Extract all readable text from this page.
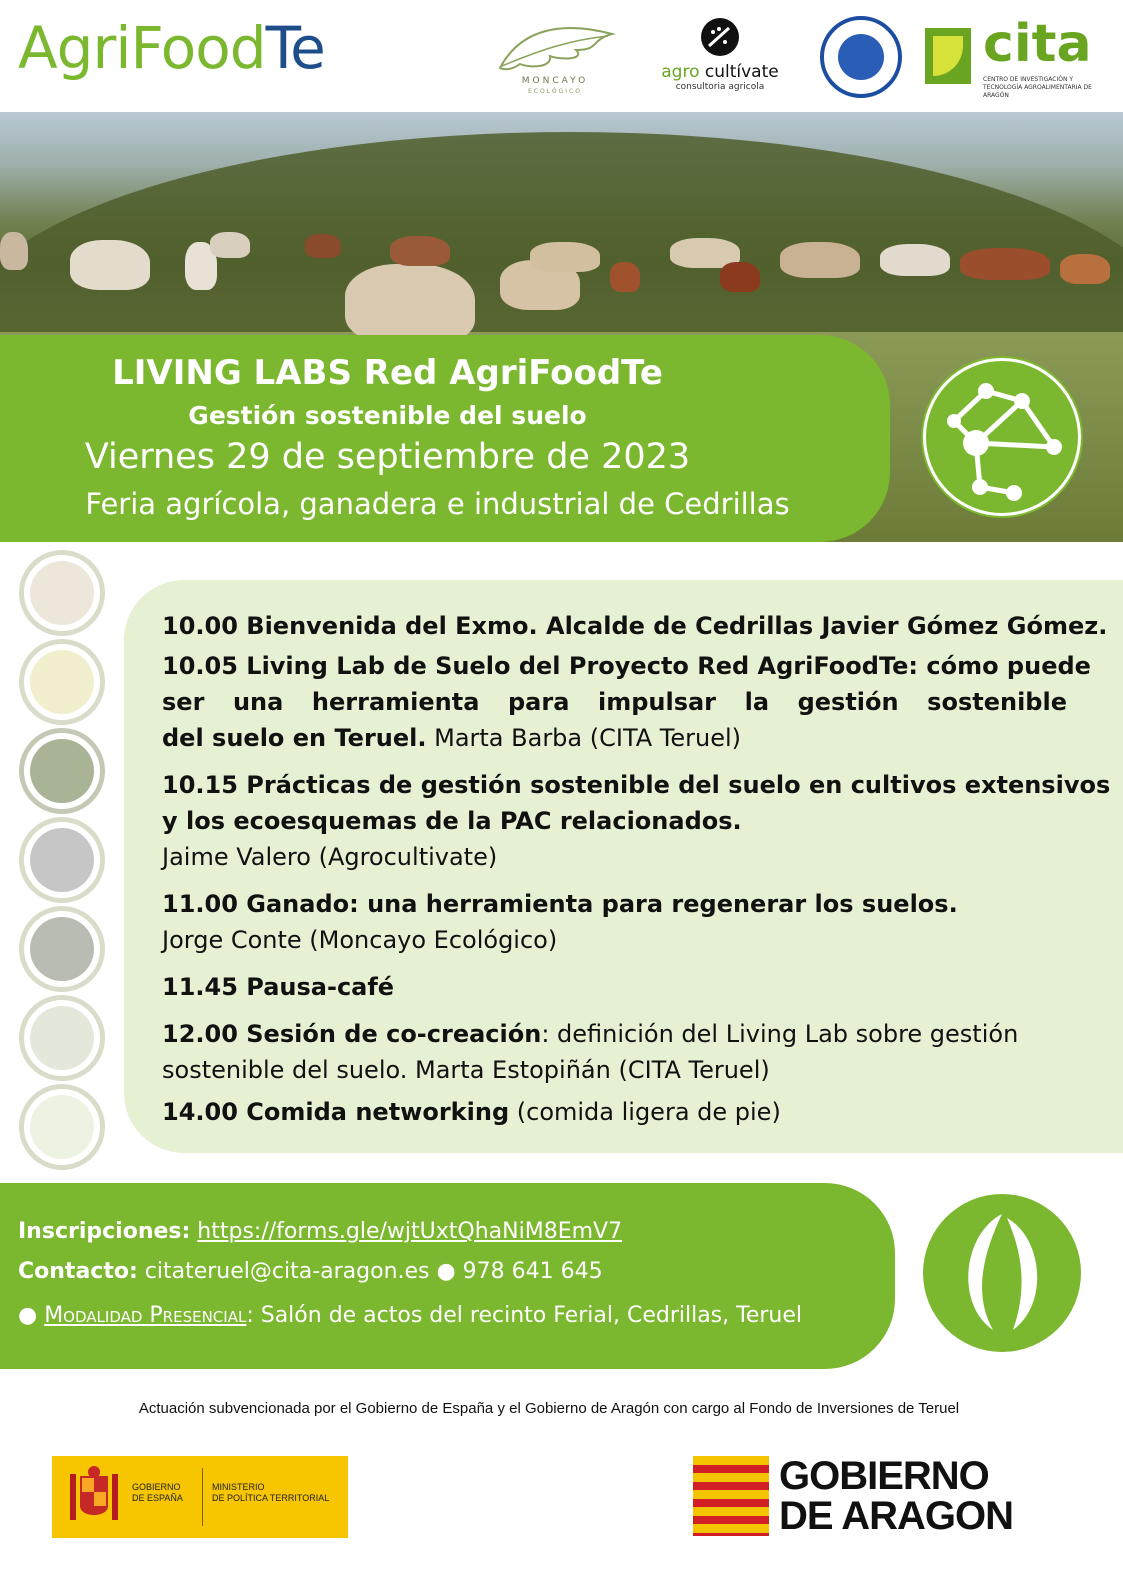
AgriFoodTe	MONCAYO
ECOLÓGICO
agro cultívate
consultoria agricola
cita
CENTRO DE INVESTIGACIÓN Y TECNOLOGÍA AGROALIMENTARIA DE ARAGÓN
LIVING LABS Red AgriFoodTe
Gestión sostenible del suelo
Viernes 29 de septiembre de 2023
Feria agrícola, ganadera e industrial de Cedrillas
10.00 Bienvenida del Exmo. Alcalde de Cedrillas Javier Gómez Gómez.
10.05 Living Lab de Suelo del Proyecto Red AgriFoodTe: cómo puede
ser una herramienta para impulsar la gestión sostenible
del suelo en Teruel. Marta Barba (CITA Teruel)
10.15 Prácticas de gestión sostenible del suelo en cultivos extensivos
y los ecoesquemas de la PAC relacionados.
Jaime Valero (Agrocultivate)
11.00 Ganado: una herramienta para regenerar los suelos.
Jorge Conte (Moncayo Ecológico)
11.45 Pausa-café
12.00 Sesión de co-creación: definición del Living Lab sobre gestión
sostenible del suelo. Marta Estopiñán (CITA Teruel)
14.00 Comida networking (comida ligera de pie)
Inscripciones: https://forms.gle/wjtUxtQhaNiM8EmV7
Contacto: citateruel@cita-aragon.es ● 978 641 645
● Modalidad Presencial: Salón de actos del recinto Ferial, Cedrillas, Teruel
Actuación subvencionada por el Gobierno de España y el Gobierno de Aragón con cargo al Fondo de Inversiones de Teruel
GOBIERNO
DE ESPAÑA
MINISTERIO
DE POLÍTICA TERRITORIAL	GOBIERNO
DE ARAGON
